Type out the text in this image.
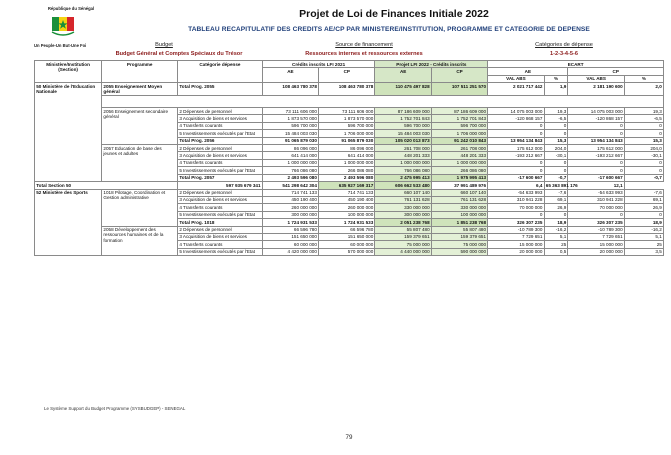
République du Sénégal
Un Peuple-Un But-Une Foi
Projet de Loi de Finances Initiale 2022
TABLEAU RECAPITULATIF DES CREDITS AE/CP PAR MINISTERE/INSTITUTION, PROGRAMME ET CATEGORIE DE DEPENSE
Budget
Budget Général et Comptes Spéciaux du Trésor
Source de financement
Ressources internes et ressources externes
Catégories de dépense
1-2-3-4-5-6
Ministère/Institution (Section)	Programme	Catégorie dépense	Crédits inscrits LFI 2021		Projet LFI 2022 - Crédits inscrits		ECART			
			AE	CP	AE	CP	AE		CP	
							VAL ABS	%	VAL ABS	%
50 Ministère de l'Education Nationale	2055 Enseignement Moyen général	Total Prog. 2055	108 463 780 378	108 463 780 378	110 475 497 828	107 511 251 570	2 021 717 442	1,9	2 181 190 600	2,0

	2056 Enseignement secondaire général	2 Dépenses de personnel	73 111 606 000	73 111 606 000	87 186 609 000	87 186 609 000	14 075 003 000	19,3	14 075 003 000	19,3
		3 Acquisition de biens et services	1 873 570 000	1 873 570 000	1 752 701 843	1 752 701 843	-120 868 157	-6,5	-120 868 157	-6,5
		4 Transferts courants	596 700 000	596 700 000	596 700 000	596 700 000	0	0	0	0
		5 Investissements exécutés par l'Etat	15 484 003 030	1 706 000 000	15 484 003 030	1 706 000 000	0	0	0	0
		Total Prog. 2056	91 065 879 030	91 065 879 030	105 020 013 873	91 242 010 843	13 954 134 843	15,3	13 954 134 843	15,3
	2057 Education de base des jeunes et adultes	2 Dépenses de personnel	86 096 000	86 096 000	261 708 000	261 708 000	175 612 000	204,0	175 612 000	204,0
		3 Acquisition de biens et services	641 414 000	641 414 000	448 201 333	448 201 333	-193 212 667	-30,1	-193 212 667	-30,1
		4 Transferts courants	1 000 000 000	1 000 000 000	1 000 000 000	1 000 000 000	0	0	0	0
		5 Investissements exécutés par l'Etat	766 086 080	266 086 080	766 086 080	266 086 080	0	0	0	0
		Total Prog. 2057	2 493 596 080	2 493 596 080	2 475 995 413	1 975 995 413	-17 600 667	-0,7	-17 600 667	-0,7
Total Section 50		597 935 679 341	541 298 642 304	635 927 169 317	606 662 533 480	37 991 489 976	6,4	65 363 891 176	12,1	
52 Ministère des Sports	1018 Pilotage, Coordination et Gestion administrative	2 Dépenses de personnel	714 741 133	714 741 133	660 107 140	660 107 140	-54 633 993	-7,6	-54 633 993	-7,6
		3 Acquisition de biens et services	450 190 400	450 190 400	761 131 628	761 131 628	310 941 228	69,1	310 941 228	69,1
		4 Transferts courants	260 000 000	260 000 000	330 000 000	330 000 000	70 000 000	26,9	70 000 000	26,9
		5 Investissements exécutés par l'Etat	300 000 000	100 000 000	300 000 000	100 000 000	0	0	0	0
		Total Prog. 1018	1 724 931 533	1 724 931 533	2 051 238 768	1 851 238 768	326 307 235	18,9	326 307 235	18,9
	2058 Développement des ressources humaines et de la formation	2 Dépenses de personnel	66 596 780	66 596 780	55 807 480	55 807 480	-10 789 300	-16,2	-10 789 300	-16,2
		3 Acquisition de biens et services	151 650 000	151 650 000	159 379 651	159 379 651	7 729 651	5,1	7 729 651	5,1
		4 Transferts courants	60 000 000	60 000 000	75 000 000	75 000 000	15 000 000	25	15 000 000	25
		5 Investissements exécutés par l'Etat	4 420 000 000	570 000 000	4 440 000 000	590 000 000	20 000 000	0,5	20 000 000	3,5
Le Système Support du Budget Programme (SYSBUDGEP) - SENEGAL
79
